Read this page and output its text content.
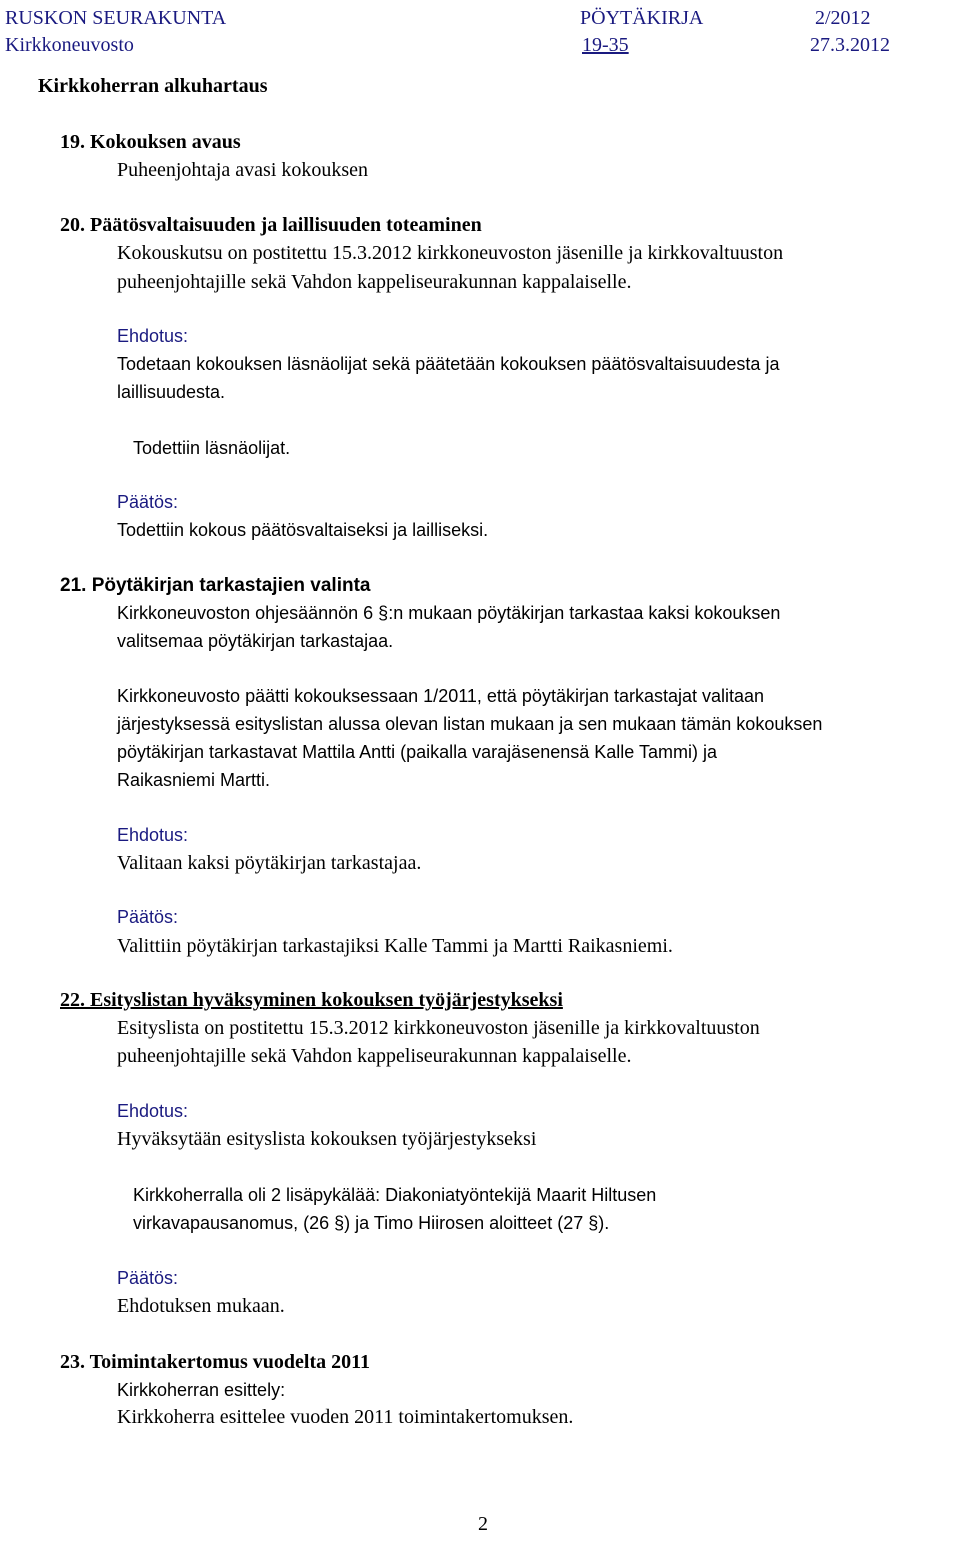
RUSKON SEURAKUNTA	PÖYTÄKIRJA	2/2012
Kirkkoneuvosto	19-35	27.3.2012
Kirkkoherran alkuhartaus
19. Kokouksen avaus
Puheenjohtaja avasi kokouksen
20. Päätösvaltaisuuden ja laillisuuden toteaminen
Kokouskutsu on postitettu 15.3.2012 kirkkoneuvoston jäsenille ja kirkkovaltuuston
puheenjohtajille sekä Vahdon kappeliseurakunnan kappalaiselle.
Ehdotus:
Todetaan kokouksen läsnäolijat sekä päätetään kokouksen päätösvaltaisuudesta ja
laillisuudesta.
Todettiin läsnäolijat.
Päätös:
Todettiin kokous päätösvaltaiseksi ja lailliseksi.
21. Pöytäkirjan tarkastajien valinta
Kirkkoneuvoston ohjesäännön 6 §:n mukaan pöytäkirjan tarkastaa kaksi kokouksen
valitsemaa pöytäkirjan tarkastajaa.
Kirkkoneuvosto päätti kokouksessaan 1/2011, että pöytäkirjan tarkastajat valitaan
järjestyksessä esityslistan alussa olevan listan mukaan ja sen mukaan tämän kokouksen
pöytäkirjan tarkastavat Mattila Antti (paikalla varajäsenensä Kalle Tammi) ja
Raikasniemi Martti.
Ehdotus:
Valitaan kaksi pöytäkirjan tarkastajaa.
Päätös:
Valittiin pöytäkirjan tarkastajiksi Kalle Tammi ja Martti Raikasniemi.
22. Esityslistan hyväksyminen kokouksen työjärjestykseksi
Esityslista on postitettu 15.3.2012 kirkkoneuvoston jäsenille ja kirkkovaltuuston
puheenjohtajille sekä Vahdon kappeliseurakunnan kappalaiselle.
Ehdotus:
Hyväksytään esityslista kokouksen työjärjestykseksi
Kirkkoherralla oli 2 lisäpykälää: Diakoniatyöntekijä Maarit Hiltusen
virkavapausanomus, (26 §) ja Timo Hiirosen aloitteet (27 §).
Päätös:
Ehdotuksen mukaan.
23. Toimintakertomus vuodelta 2011
Kirkkoherran esittely:
Kirkkoherra esittelee vuoden 2011 toimintakertomuksen.
2
